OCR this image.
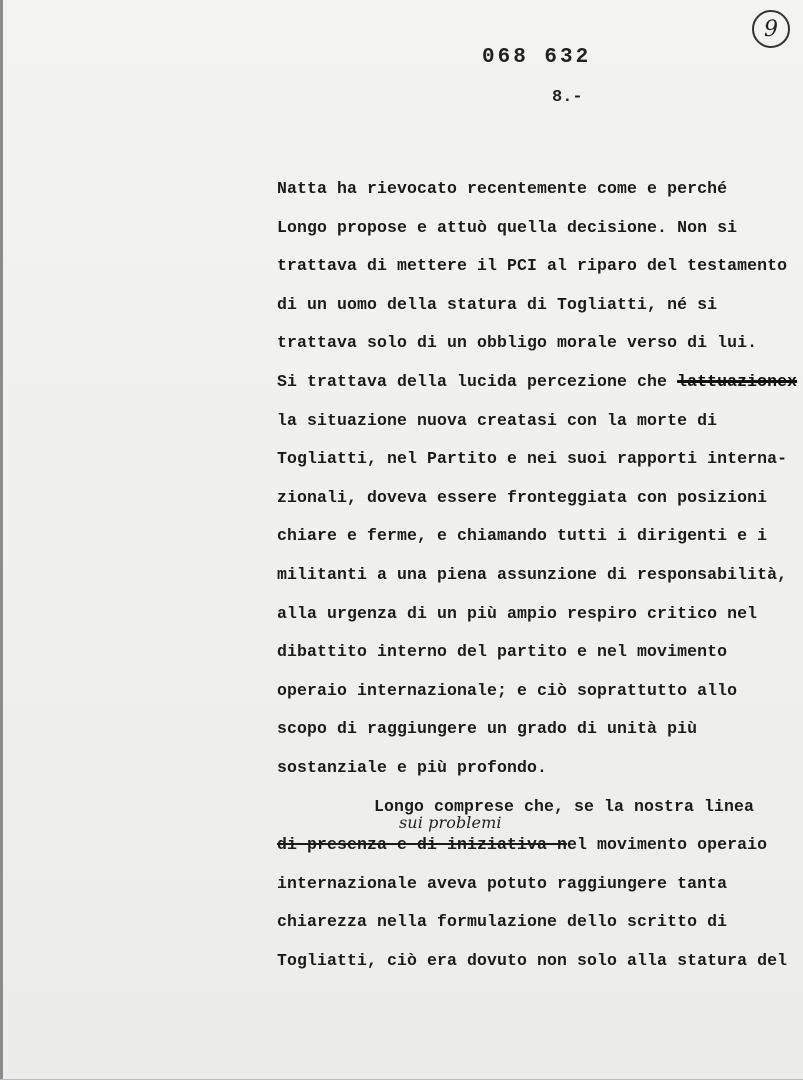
068 632
8.-
9
Natta ha rievocato recentemente come e perché
Longo propose e attuò quella decisione. Non si
trattava di mettere il PCI al riparo del testamento
di un uomo della statura di Togliatti, né si
trattava solo di un obbligo morale verso di lui.
Si trattava della lucida percezione che lattuazionex
la situazione nuova creatasi con la morte di
Togliatti, nel Partito e nei suoi rapporti interna-
zionali, doveva essere fronteggiata con posizioni
chiare e ferme, e chiamando tutti i dirigenti e i
militanti a una piena assunzione di responsabilità,
alla urgenza di un più ampio respiro critico nel
dibattito interno del partito e nel movimento
operaio internazionale; e ciò soprattutto allo
scopo di raggiungere un grado di unità più
sostanziale e più profondo.
Longo comprese che, se la nostra linea
sui problemi
di presenza e di iniziativa nel movimento operaio
internazionale aveva potuto raggiungere tanta
chiarezza nella formulazione dello scritto di
Togliatti, ciò era dovuto non solo alla statura del
